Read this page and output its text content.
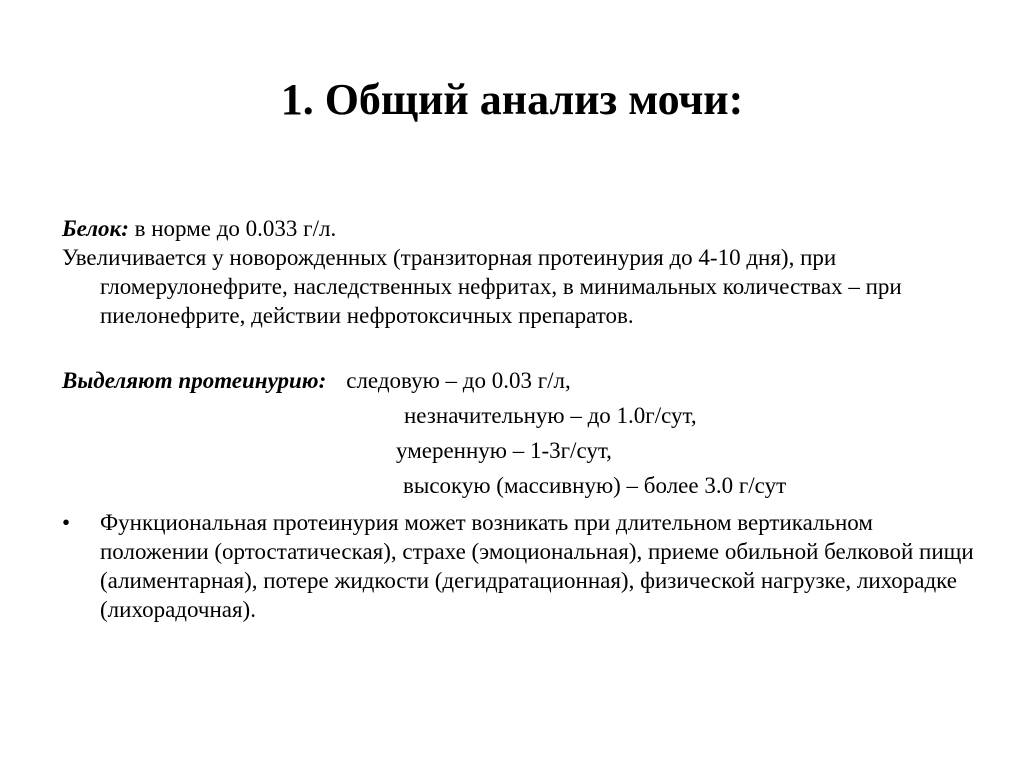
1. Общий анализ мочи:

Белок: в норме до 0.033 г/л.

Увеличивается у новорожденных (транзиторная протеинурия до 4-10 дня), при гломерулонефрите, наследственных нефритах, в минимальных количествах – при пиелонефрите, действии нефротоксичных препаратов.

Выделяют протеинурию: следовую – до 0.03 г/л,

незначительную – до 1.0г/сут,

умеренную – 1-3г/сут,

высокую (массивную) – более 3.0 г/сут

• Функциональная протеинурия может возникать при длительном вертикальном положении (ортостатическая), страхе (эмоциональная), приеме обильной белковой пищи (алиментарная), потере жидкости (дегидратационная), физической нагрузке, лихорадке (лихорадочная).
